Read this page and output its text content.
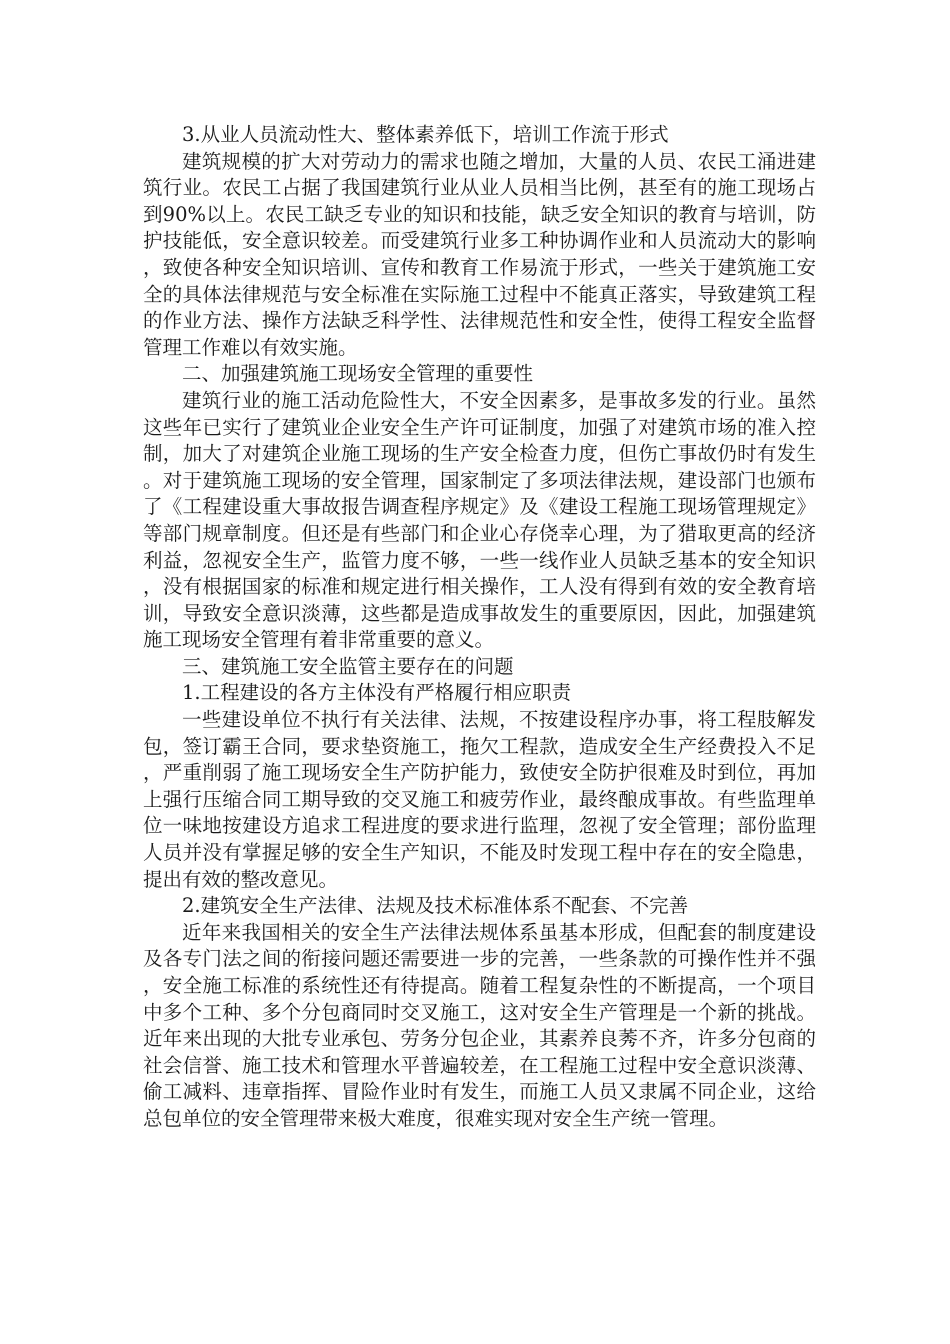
3.从业人员流动性大、整体素养低下，培训工作流于形式

建筑规模的扩大对劳动力的需求也随之增加，大量的人员、农民工涌进建筑行业。农民工占据了我国建筑行业从业人员相当比例，甚至有的施工现场占到90%以上。农民工缺乏专业的知识和技能，缺乏安全知识的教育与培训，防护技能低，安全意识较差。而受建筑行业多工种协调作业和人员流动大的影响，致使各种安全知识培训、宣传和教育工作易流于形式，一些关于建筑施工安全的具体法律规范与安全标准在实际施工过程中不能真正落实，导致建筑工程的作业方法、操作方法缺乏科学性、法律规范性和安全性，使得工程安全监督管理工作难以有效实施。

二、加强建筑施工现场安全管理的重要性

建筑行业的施工活动危险性大，不安全因素多，是事故多发的行业。虽然这些年已实行了建筑业企业安全生产许可证制度，加强了对建筑市场的准入控制，加大了对建筑企业施工现场的生产安全检查力度，但伤亡事故仍时有发生。对于建筑施工现场的安全管理，国家制定了多项法律法规，建设部门也颁布了《工程建设重大事故报告调查程序规定》及《建设工程施工现场管理规定》等部门规章制度。但还是有些部门和企业心存侥幸心理，为了猎取更高的经济利益，忽视安全生产，监管力度不够，一些一线作业人员缺乏基本的安全知识，没有根据国家的标准和规定进行相关操作，工人没有得到有效的安全教育培训，导致安全意识淡薄，这些都是造成事故发生的重要原因，因此，加强建筑施工现场安全管理有着非常重要的意义。

三、建筑施工安全监管主要存在的问题

1.工程建设的各方主体没有严格履行相应职责

一些建设单位不执行有关法律、法规，不按建设程序办事，将工程肢解发包，签订霸王合同，要求垫资施工，拖欠工程款，造成安全生产经费投入不足，严重削弱了施工现场安全生产防护能力，致使安全防护很难及时到位，再加上强行压缩合同工期导致的交叉施工和疲劳作业，最终酿成事故。有些监理单位一味地按建设方追求工程进度的要求进行监理，忽视了安全管理；部份监理人员并没有掌握足够的安全生产知识，不能及时发现工程中存在的安全隐患，提出有效的整改意见。

2.建筑安全生产法律、法规及技术标准体系不配套、不完善

近年来我国相关的安全生产法律法规体系虽基本形成，但配套的制度建设及各专门法之间的衔接问题还需要进一步的完善，一些条款的可操作性并不强，安全施工标准的系统性还有待提高。随着工程复杂性的不断提高，一个项目中多个工种、多个分包商同时交叉施工，这对安全生产管理是一个新的挑战。近年来出现的大批专业承包、劳务分包企业，其素养良莠不齐，许多分包商的社会信誉、施工技术和管理水平普遍较差，在工程施工过程中安全意识淡薄、偷工减料、违章指挥、冒险作业时有发生，而施工人员又隶属不同企业，这给总包单位的安全管理带来极大难度，很难实现对安全生产统一管理。
